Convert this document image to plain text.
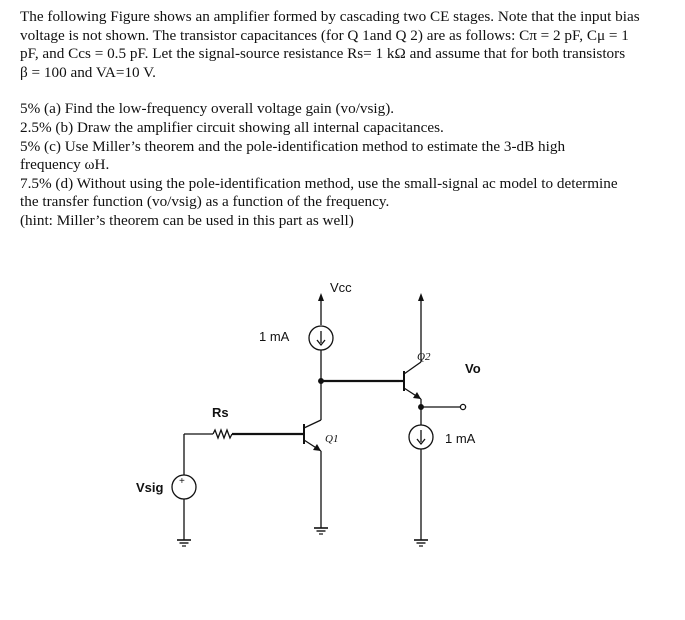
The following Figure shows an amplifier formed by cascading two CE stages. Note that the input bias

voltage is not shown. The transistor capacitances (for Q 1and Q 2) are as follows: Cπ = 2 pF, Cμ = 1

pF, and Ccs = 0.5 pF. Let the signal-source resistance Rs= 1 kΩ and assume that for both transistors

β = 100 and VA=10 V.

5% (a) Find the low-frequency overall voltage gain (vo/vsig).

2.5% (b) Draw the amplifier circuit showing all internal capacitances.

5% (c) Use Miller’s theorem and the pole-identification method to estimate the 3-dB high

frequency ωH.

7.5% (d) Without using the pole-identification method, use the small-signal ac model to determine

the transfer function (vo/vsig) as a function of the frequency.

(hint: Miller’s theorem can be used in this part as well)

Vcc
1 mA
1 mA
Rs
Vsig
Vo
Q1
Q2
+
